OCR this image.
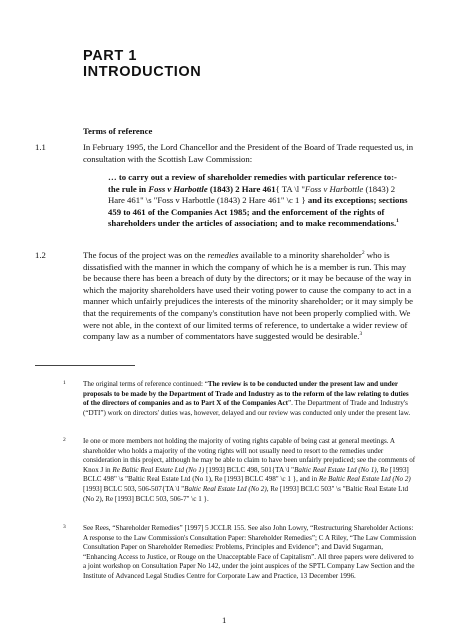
PART 1
INTRODUCTION
Terms of reference
1.1	In February 1995, the Lord Chancellor and the President of the Board of Trade requested us, in consultation with the Scottish Law Commission:
… to carry out a review of shareholder remedies with particular reference to:- the rule in Foss v Harbottle (1843) 2 Hare 461{ TA \l "Foss v Harbottle (1843) 2 Hare 461" \s "Foss v Harbottle (1843) 2 Hare 461" \c 1 } and its exceptions; sections 459 to 461 of the Companies Act 1985; and the enforcement of the rights of shareholders under the articles of association; and to make recommendations.$^1$
1.2	The focus of the project was on the remedies available to a minority shareholder$^2$ who is dissatisfied with the manner in which the company of which he is a member is run. This may be because there has been a breach of duty by the directors; or it may be because of the way in which the majority shareholders have used their voting power to cause the company to act in a manner which unfairly prejudices the interests of the minority shareholder; or it may simply be that the requirements of the company's constitution have not been properly complied with. We were not able, in the context of our limited terms of reference, to undertake a wider review of company law as a number of commentators have suggested would be desirable.$^3$
1 The original terms of reference continued: “The review is to be conducted under the present law and under proposals to be made by the Department of Trade and Industry as to the reform of the law relating to duties of the directors of companies and as to Part X of the Companies Act”. The Department of Trade and Industry's (“DTI”) work on directors' duties was, however, delayed and our review was conducted only under the present law.
2 Ie one or more members not holding the majority of voting rights capable of being cast at general meetings. A shareholder who holds a majority of the voting rights will not usually need to resort to the remedies under consideration in this project, although he may be able to claim to have been unfairly prejudiced; see the comments of Knox J in Re Baltic Real Estate Ltd (No 1) [1993] BCLC 498, 501{TA \l "Baltic Real Estate Ltd (No 1), Re [1993] BCLC 498" \s "Baltic Real Estate Ltd (No 1), Re [1993] BCLC 498" \c 1 }, and in Re Baltic Real Estate Ltd (No 2) [1993] BCLC 503, 506-507{TA \l "Baltic Real Estate Ltd (No 2), Re [1993] BCLC 503" \s "Baltic Real Estate Ltd (No 2), Re [1993] BCLC 503, 506-7" \c 1 }.
3 See Rees, “Shareholder Remedies” [1997] 5 JCCLR 155. See also John Lowry, “Restructuring Shareholder Actions: A response to the Law Commission's Consultation Paper: Shareholder Remedies”; C A Riley, “The Law Commission Consultation Paper on Shareholder Remedies: Problems, Principles and Evidence”; and David Sugarman, “Enhancing Access to Justice, or Rouge on the Unacceptable Face of Capitalism”. All three papers were delivered to a joint workshop on Consultation Paper No 142, under the joint auspices of the SPTL Company Law Section and the Institute of Advanced Legal Studies Centre for Corporate Law and Practice, 13 December 1996.
1
